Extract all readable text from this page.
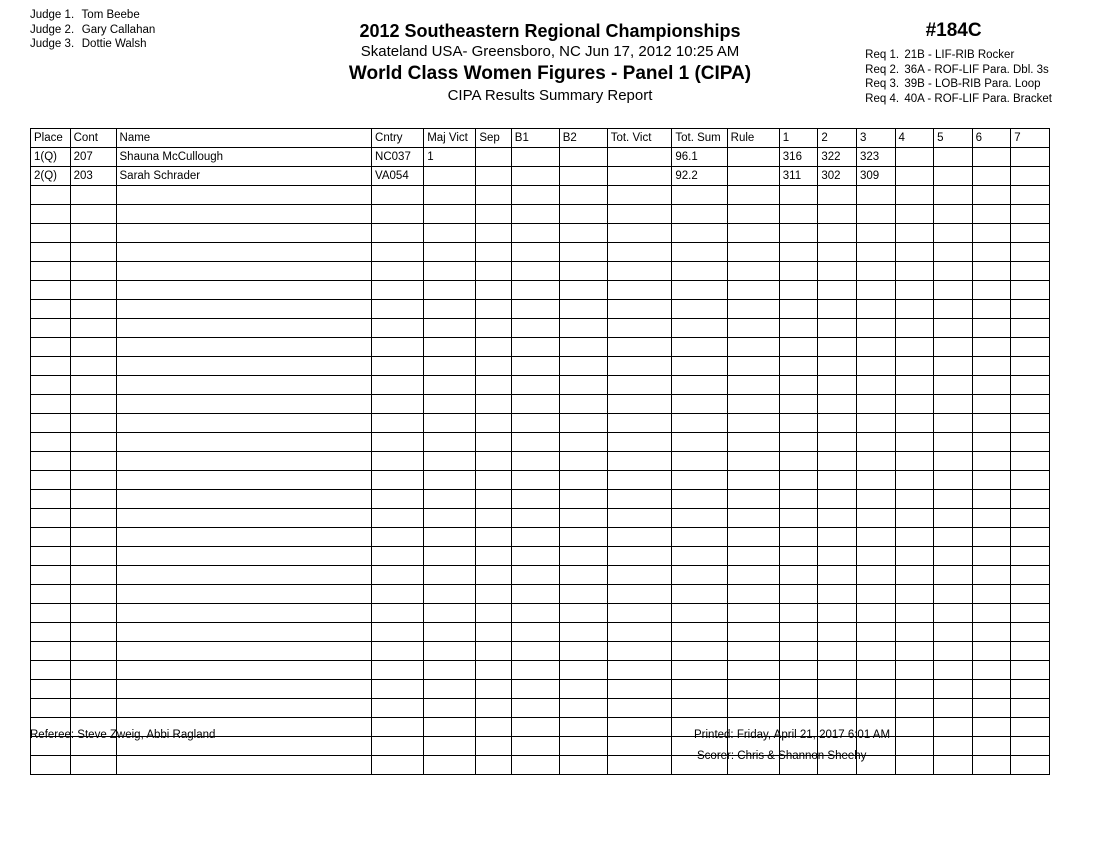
Judge 1. Tom Beebe
Judge 2. Gary Callahan
Judge 3. Dottie Walsh
2012 Southeastern Regional Championships
Skateland USA- Greensboro, NC Jun 17, 2012 10:25 AM
World Class Women Figures - Panel 1 (CIPA)
CIPA Results Summary Report
#184C
Req 1. 21B - LIF-RIB Rocker
Req 2. 36A - ROF-LIF Para. Dbl. 3s
Req 3. 39B - LOB-RIB Para. Loop
Req 4. 40A - ROF-LIF Para. Bracket
Place	Cont	Name	Cntry	Maj Vict	Sep	B1	B2	Tot. Vict	Tot. Sum	Rule	1	2	3	4	5	6	7
1(Q)	207	Shauna McCullough	NC037	1					96.1		316	322	323				
2(Q)	203	Sarah Schrader	VA054						92.2		311	302	309				

Referee: Steve Zweig, Abbi Ragland	Printed: Friday, April 21, 2017 6:01 AM
Scorer: Chris & Shannon Sheehy
